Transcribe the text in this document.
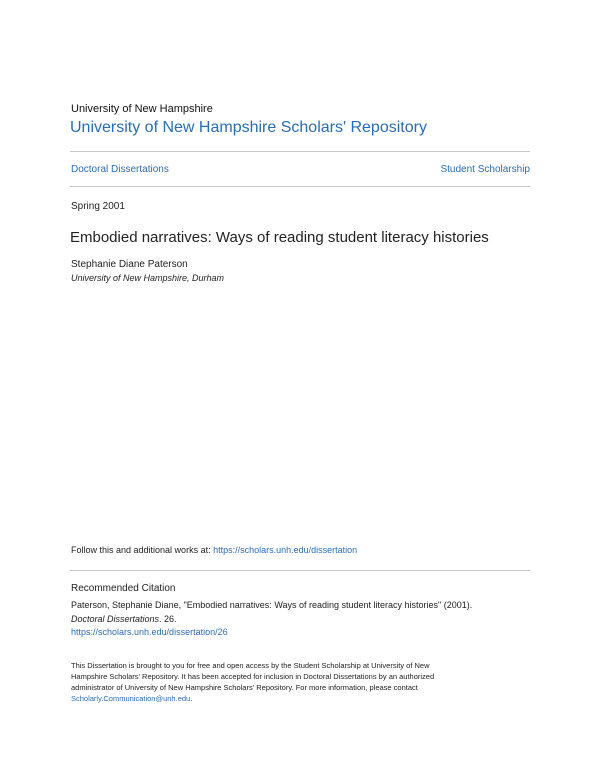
University of New Hampshire
University of New Hampshire Scholars' Repository
Doctoral Dissertations	Student Scholarship
Spring 2001
Embodied narratives: Ways of reading student literacy histories
Stephanie Diane Paterson
University of New Hampshire, Durham
Follow this and additional works at: https://scholars.unh.edu/dissertation
Recommended Citation
Paterson, Stephanie Diane, "Embodied narratives: Ways of reading student literacy histories" (2001).
Doctoral Dissertations. 26.
https://scholars.unh.edu/dissertation/26
This Dissertation is brought to you for free and open access by the Student Scholarship at University of New
Hampshire Scholars' Repository. It has been accepted for inclusion in Doctoral Dissertations by an authorized
administrator of University of New Hampshire Scholars' Repository. For more information, please contact
Scholarly.Communication@unh.edu.
